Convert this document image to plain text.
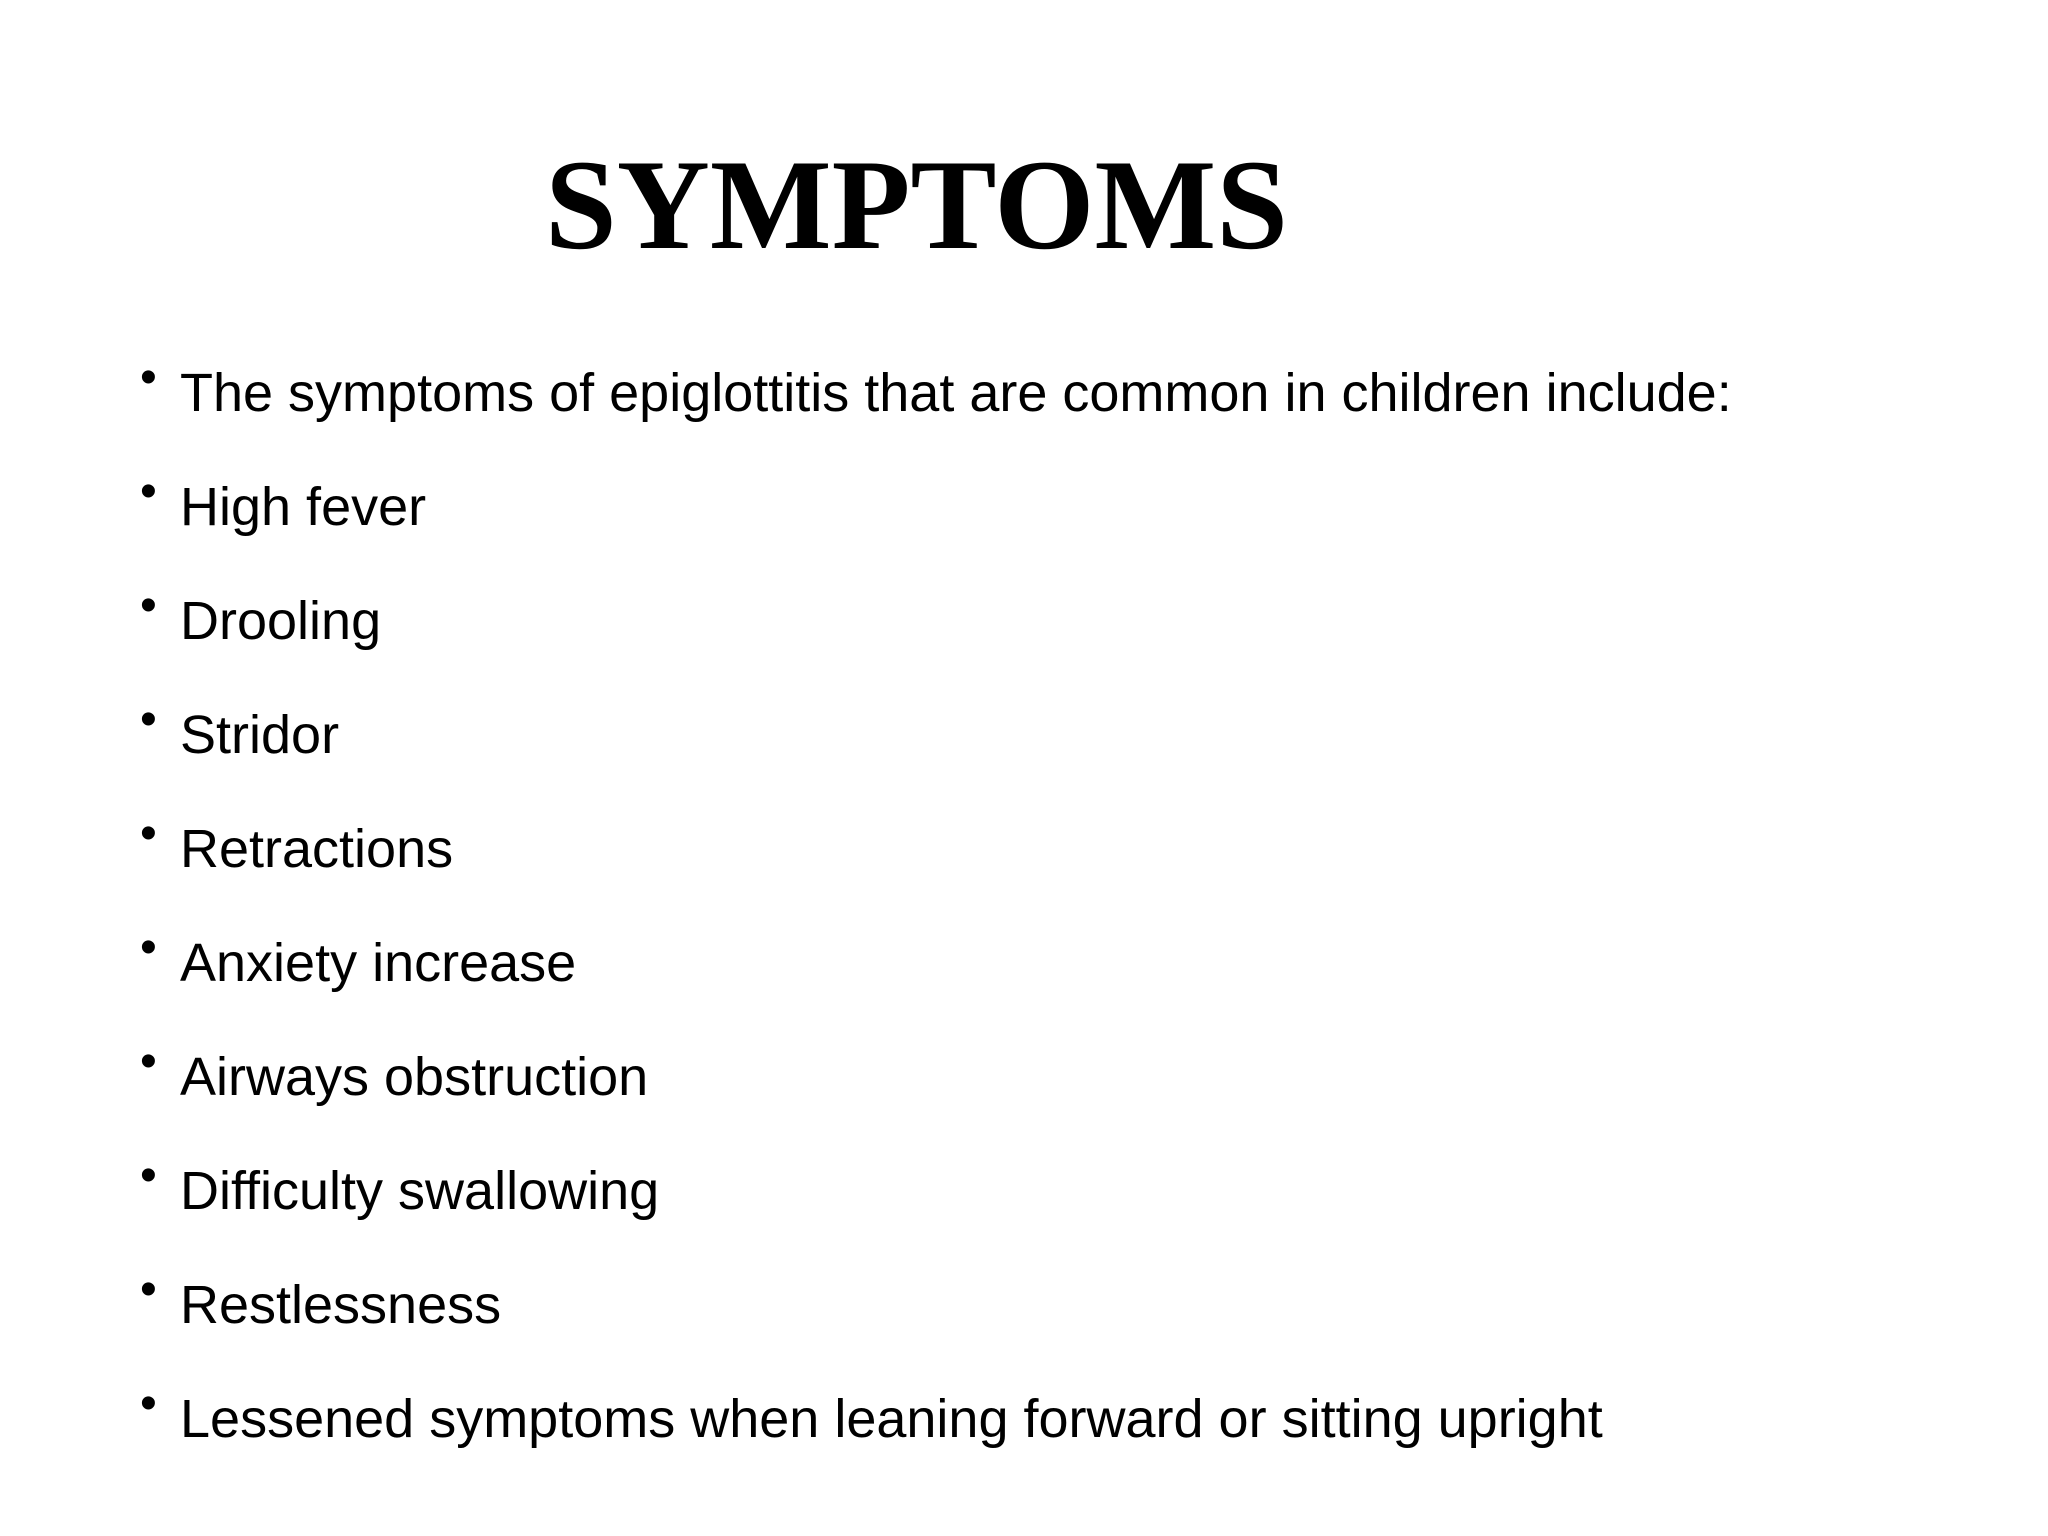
SYMPTOMS
• The symptoms of epiglottitis that are common in children include:
• High fever
• Drooling
• Stridor
• Retractions
• Anxiety increase
• Airways obstruction
• Difficulty swallowing
• Restlessness
• Lessened symptoms when leaning forward or sitting upright
